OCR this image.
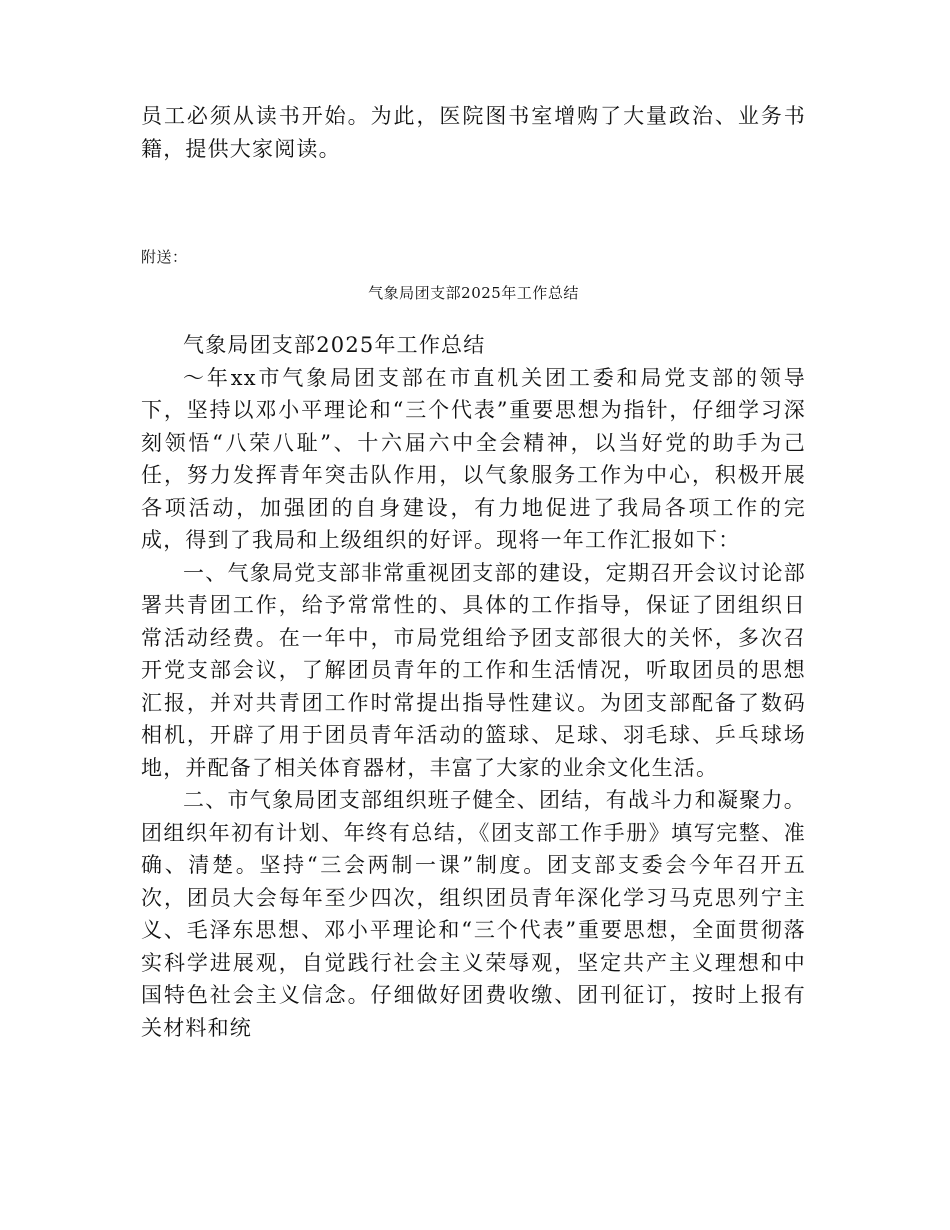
员工必须从读书开始。为此，医院图书室增购了大量政治、业务书籍，提供大家阅读。

附送：

气象局团支部2025年工作总结

气象局团支部2025年工作总结

～年xx市气象局团支部在市直机关团工委和局党支部的领导下，坚持以邓小平理论和“三个代表”重要思想为指针，仔细学习深刻领悟“八荣八耻”、十六届六中全会精神，以当好党的助手为己任，努力发挥青年突击队作用，以气象服务工作为中心，积极开展各项活动，加强团的自身建设，有力地促进了我局各项工作的完成，得到了我局和上级组织的好评。现将一年工作汇报如下：

一、气象局党支部非常重视团支部的建设，定期召开会议讨论部署共青团工作，给予常常性的、具体的工作指导，保证了团组织日常活动经费。在一年中，市局党组给予团支部很大的关怀，多次召开党支部会议，了解团员青年的工作和生活情况，听取团员的思想汇报，并对共青团工作时常提出指导性建议。为团支部配备了数码相机，开辟了用于团员青年活动的篮球、足球、羽毛球、乒乓球场地，并配备了相关体育器材，丰富了大家的业余文化生活。

二、市气象局团支部组织班子健全、团结，有战斗力和凝聚力。团组织年初有计划、年终有总结，《团支部工作手册》填写完整、准确、清楚。坚持“三会两制一课”制度。团支部支委会今年召开五次，团员大会每年至少四次，组织团员青年深化学习马克思列宁主义、毛泽东思想、邓小平理论和“三个代表”重要思想，全面贯彻落实科学进展观，自觉践行社会主义荣辱观，坚定共产主义理想和中国特色社会主义信念。仔细做好团费收缴、团刊征订，按时上报有关材料和统
